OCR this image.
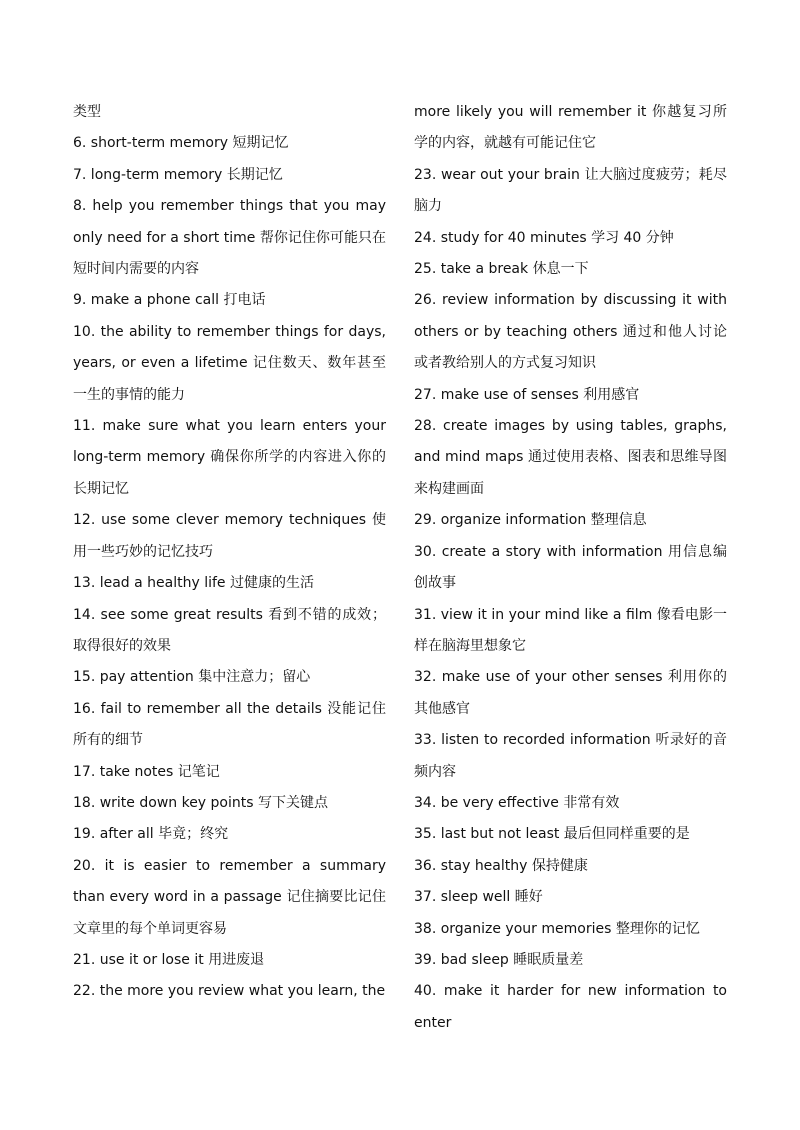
类型

6. short-term memory 短期记忆

7. long-term memory 长期记忆

8. help you remember things that you may only need for a short time 帮你记住你可能只在短时间内需要的内容

9. make a phone call 打电话

10. the ability to remember things for days, years, or even a lifetime 记住数天、数年甚至一生的事情的能力

11. make sure what you learn enters your long-term memory 确保你所学的内容进入你的长期记忆

12. use some clever memory techniques 使用一些巧妙的记忆技巧

13. lead a healthy life 过健康的生活

14. see some great results 看到不错的成效；取得很好的效果

15. pay attention 集中注意力；留心

16. fail to remember all the details 没能记住所有的细节

17. take notes 记笔记

18. write down key points 写下关键点

19. after all 毕竟；终究

20. it is easier to remember a summary than every word in a passage 记住摘要比记住文章里的每个单词更容易

21. use it or lose it 用进废退

22. the more you review what you learn, the

more likely you will remember it 你越复习所学的内容，就越有可能记住它

23. wear out your brain 让大脑过度疲劳；耗尽脑力

24. study for 40 minutes 学习 40 分钟

25. take a break 休息一下

26. review information by discussing it with others or by teaching others 通过和他人讨论或者教给别人的方式复习知识

27. make use of senses 利用感官

28. create images by using tables, graphs, and mind maps 通过使用表格、图表和思维导图来构建画面

29. organize information 整理信息

30. create a story with information 用信息编创故事

31. view it in your mind like a film 像看电影一样在脑海里想象它

32. make use of your other senses 利用你的其他感官

33. listen to recorded information 听录好的音频内容

34. be very effective 非常有效

35. last but not least 最后但同样重要的是

36. stay healthy 保持健康

37. sleep well 睡好

38. organize your memories 整理你的记忆

39. bad sleep 睡眠质量差

40. make it harder for new information to enter
